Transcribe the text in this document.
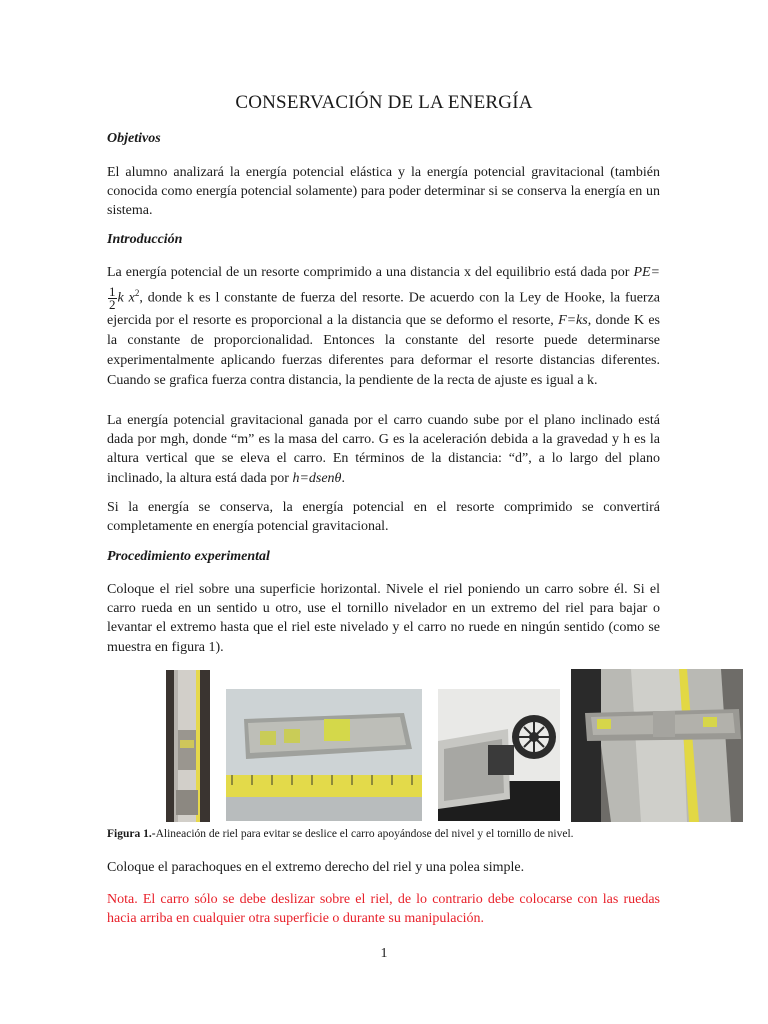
CONSERVACIÓN DE LA ENERGÍA
Objetivos
El alumno analizará la energía potencial elástica y la energía potencial gravitacional (también conocida como energía potencial solamente) para poder determinar si se conserva la energía en un sistema.
Introducción
La energía potencial de un resorte comprimido a una distancia x del equilibrio está dada por PE=
$\frac{1}{2}$ k $x^2$, donde k es l constante de fuerza del resorte. De acuerdo con la Ley de Hooke, la fuerza ejercida por el resorte es proporcional a la distancia que se deformo el resorte, F=ks, donde K es la constante de proporcionalidad. Entonces la constante del resorte puede determinarse experimentalmente aplicando fuerzas diferentes para deformar el resorte distancias diferentes. Cuando se grafica fuerza contra distancia, la pendiente de la recta de ajuste es igual a k.
La energía potencial gravitacional ganada por el carro cuando sube por el plano inclinado está dada por mgh, donde “m” es la masa del carro. G es la aceleración debida a la gravedad y h es la altura vertical que se eleva el carro. En términos de la distancia: “d”, a lo largo del plano inclinado, la altura está dada por h=dsenθ.
Si la energía se conserva, la energía potencial en el resorte comprimido se convertirá completamente en energía potencial gravitacional.
Procedimiento experimental
Coloque el riel sobre una superficie horizontal. Nivele el riel poniendo un carro sobre él. Si el carro rueda en un sentido u otro, use el tornillo nivelador en un extremo del riel para bajar o levantar el extremo hasta que el riel este nivelado y el carro no ruede en ningún sentido (como se muestra en figura 1).
Figura 1.-Alineación de riel para evitar se deslice el carro apoyándose del nivel y el tornillo de nivel.
Coloque el parachoques en el extremo derecho del riel y una polea simple.
Nota. El carro sólo se debe deslizar sobre el riel, de lo contrario debe colocarse con las ruedas hacia arriba en cualquier otra superficie o durante su manipulación.
1
